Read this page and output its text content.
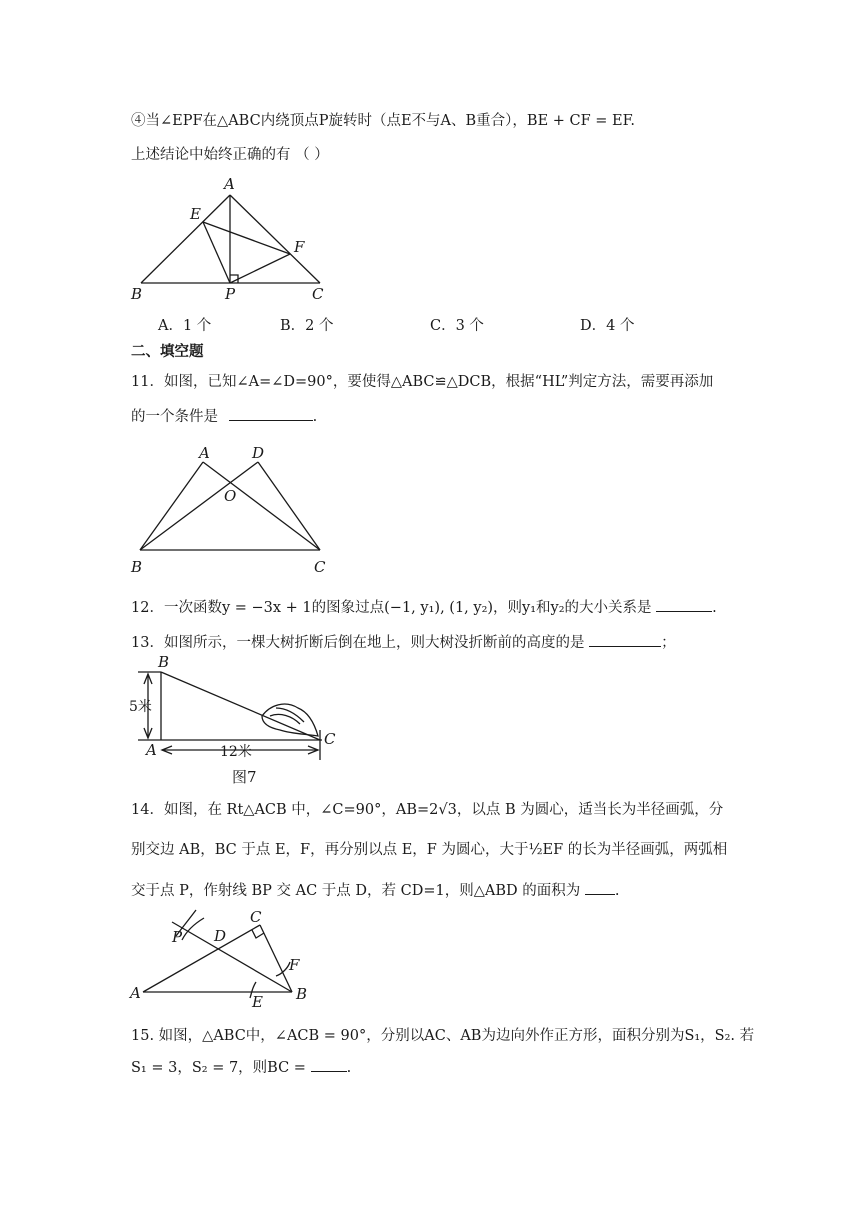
④当∠EPF在△ABC内绕顶点P旋转时（点E不与A、B重合），BE + CF = EF.
上述结论中始终正确的有 （ ）
A
E
F
B	P	C
A．1 个	B．2 个	C．3 个	D．4 个
二、填空题
11．如图，已知∠A=∠D=90°，要使得△ABC≌△DCB，根据“HL”判定方法，需要再添加
的一个条件是	.
A	D
O
B	C
12．一次函数y = −3x + 1的图象过点(−1, y₁), (1, y₂)，则y₁和y₂的大小关系是	.
13．如图所示，一棵大树折断后倒在地上，则大树没折断前的高度的是	；
B
A
C
5米
12米
图7
14．如图，在 Rt△ACB 中，∠C=90°，AB=2√3，以点 B 为圆心，适当长为半径画弧，分
别交边 AB，BC 于点 E，F，再分别以点 E，F 为圆心，大于½EF 的长为半径画弧，两弧相
交于点 P，作射线 BP 交 AC 于点 D，若 CD=1，则△ABD 的面积为 .
C
P D
F
A	E B
15. 如图，△ABC中，∠ACB = 90°，分别以AC、AB为边向外作正方形，面积分别为S₁，S₂. 若
S₁ = 3，S₂ = 7，则BC =	.
